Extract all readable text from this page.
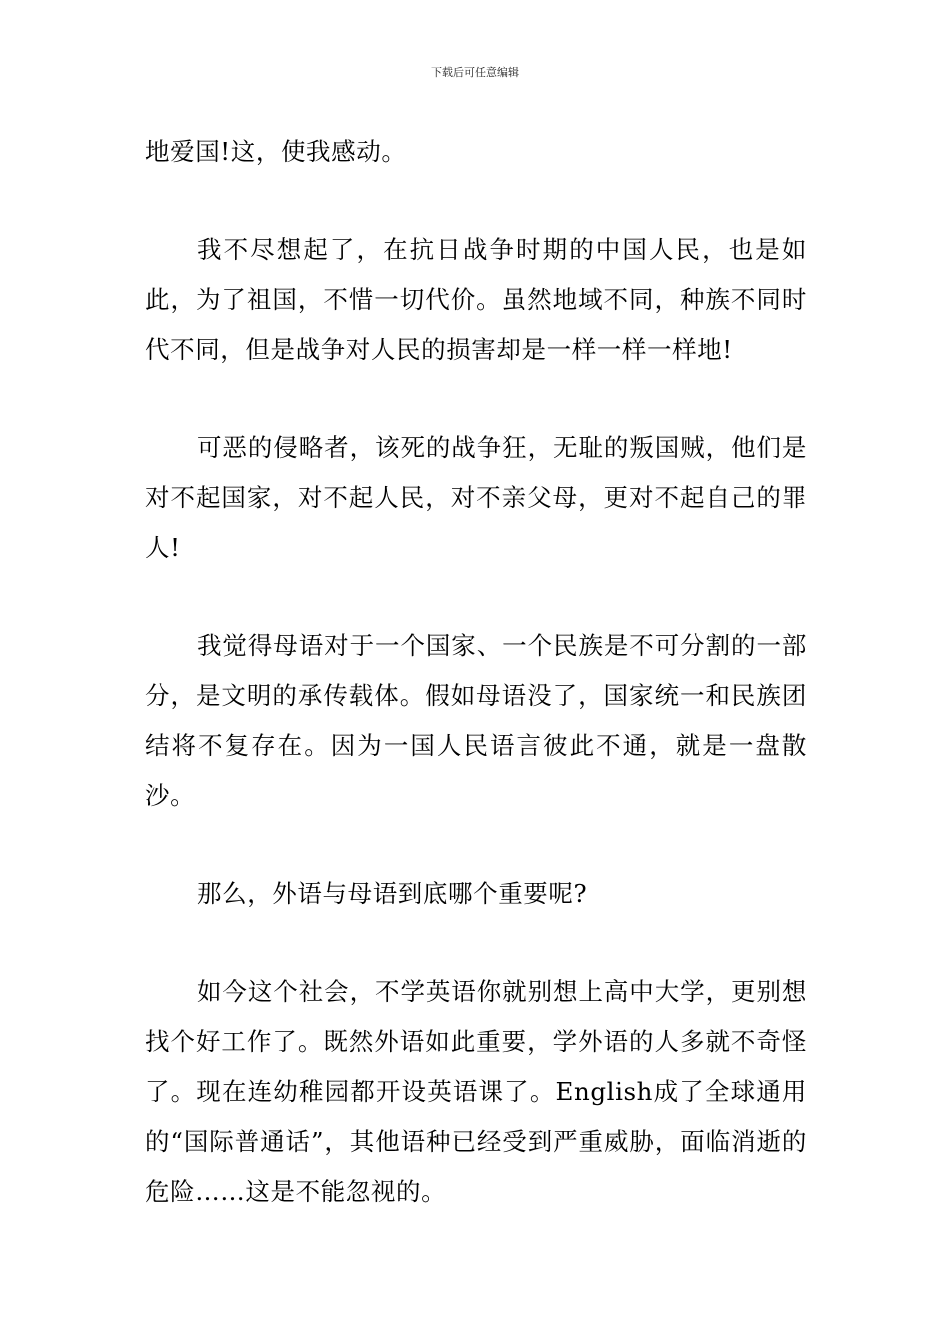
下载后可任意编辑

地爱国!这，使我感动。

我不尽想起了，在抗日战争时期的中国人民，也是如此，为了祖国，不惜一切代价。虽然地域不同，种族不同时代不同，但是战争对人民的损害却是一样一样一样地!

可恶的侵略者，该死的战争狂，无耻的叛国贼，他们是对不起国家，对不起人民，对不亲父母，更对不起自己的罪人!

我觉得母语对于一个国家、一个民族是不可分割的一部分，是文明的承传载体。假如母语没了，国家统一和民族团结将不复存在。因为一国人民语言彼此不通，就是一盘散沙。

那么，外语与母语到底哪个重要呢?

如今这个社会，不学英语你就别想上高中大学，更别想找个好工作了。既然外语如此重要，学外语的人多就不奇怪了。现在连幼稚园都开设英语课了。English成了全球通用的“国际普通话”，其他语种已经受到严重威胁，面临消逝的危险……这是不能忽视的。
